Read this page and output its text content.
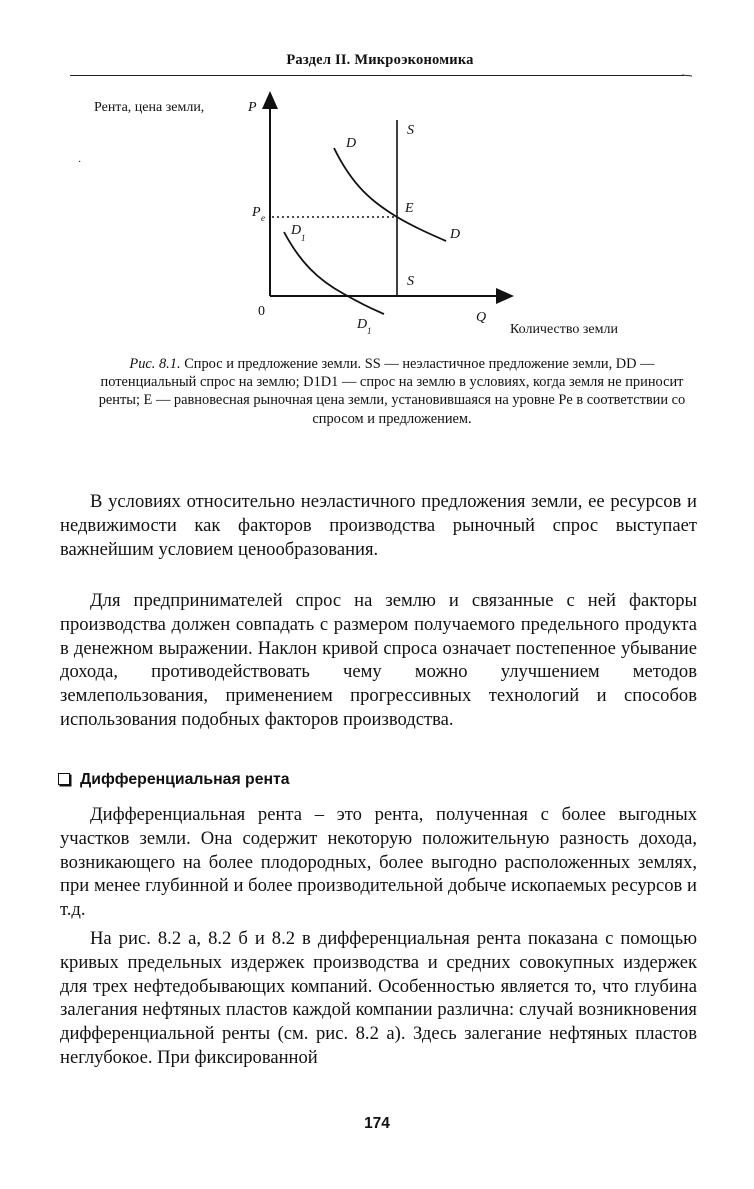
Раздел II. Микроэкономика
Рента, цена земли,	P
0	Q
Количество земли
P e
S
S
D
D
E
D 1
D 1
·
Рис. 8.1. Спрос и предложение земли. SS — неэластичное предложение земли, DD — потенциальный спрос на землю; D1D1 — спрос на землю в условиях, когда земля не приносит ренты; E — равновесная рыночная цена земли, установившаяся на уровне Pe в соответствии со спросом и предложением.

В условиях относительно неэластичного предложения земли, ее ресурсов и недвижимости как факторов производства рыночный спрос выступает важнейшим условием ценообразования.

Для предпринимателей спрос на землю и связанные с ней факторы производства должен совпадать с размером получаемого предельного продукта в денежном выражении. Наклон кривой спроса означает постепенное убывание дохода, противодействовать чему можно улучшением методов землепользования, применением прогрессивных технологий и способов использования подобных факторов производства.

Дифференциальная рента

Дифференциальная рента – это рента, полученная с более выгодных участков земли. Она содержит некоторую положительную разность дохода, возникающего на более плодородных, более выгодно расположенных землях, при менее глубинной и более производительной добыче ископаемых ресурсов и т.д.

На рис. 8.2 а, 8.2 б и 8.2 в дифференциальная рента показана с помощью кривых предельных издержек производства и средних совокупных издержек для трех нефтедобывающих компаний. Особенностью является то, что глубина залегания нефтяных пластов каждой компании различна: случай возникновения дифференциальной ренты (см. рис. 8.2 а). Здесь залегание нефтяных пластов неглубокое. При фиксированной

174
